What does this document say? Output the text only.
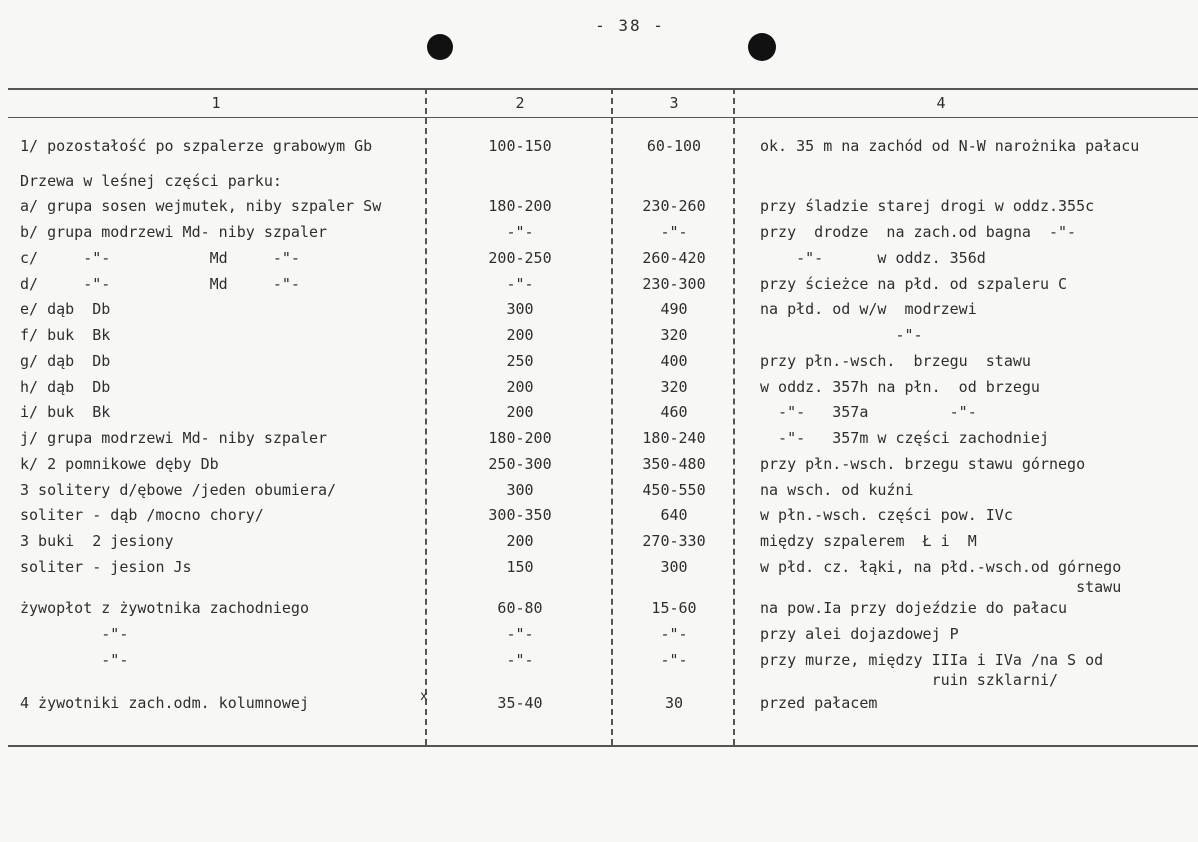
- 38 -
1	2	3	4
1/ pozostałość po szpalerze grabowym Gb	100-150	60-100	ok. 35 m na zachód od N-W narożnika pałacu
Drzewa w leśnej części parku:
a/ grupa sosen wejmutek, niby szpaler Sw	180-200	230-260	przy śladzie starej drogi w oddz.355c
b/ grupa modrzewi Md- niby szpaler	-"-	-"-	przy  drodze  na zach.od bagna  -"-
c/     -"-           Md     -"-	200-250	260-420	-"-      w oddz. 356d
d/     -"-           Md     -"-	-"-	230-300	przy ścieżce na płd. od szpaleru C
e/ dąb  Db	300	490	na płd. od w/w  modrzewi
f/ buk  Bk	200	320	-"-
g/ dąb  Db	250	400	przy płn.-wsch.  brzegu  stawu
h/ dąb  Db	200	320	w oddz. 357h na płn.  od brzegu
i/ buk  Bk	200	460	-"-   357a         -"-
j/ grupa modrzewi Md- niby szpaler	180-200	180-240	-"-   357m w części zachodniej
k/ 2 pomnikowe dęby Db	250-300	350-480	przy płn.-wsch. brzegu stawu górnego
3 solitery d/ębowe /jeden obumiera/	300	450-550	na wsch. od kuźni
soliter - dąb /mocno chory/	300-350	640	w płn.-wsch. części pow. IVc
3 buki  2 jesiony	200	270-330	między szpalerem  Ł i  M
soliter - jesion Js	150	300	w płd. cz. łąki, na płd.-wsch.od górnego
stawu
żywopłot z żywotnika zachodniego	60-80	15-60	na pow.Ia przy dojeździe do pałacu
-"-	-"-	-"-	przy alei dojazdowej P
-"-	-"-	-"-	przy murze, między IIIa i IVa /na S od
ruin szklarni/
4 żywotniki zach.odm. kolumnowej	35-40	30	przed pałacem
x
